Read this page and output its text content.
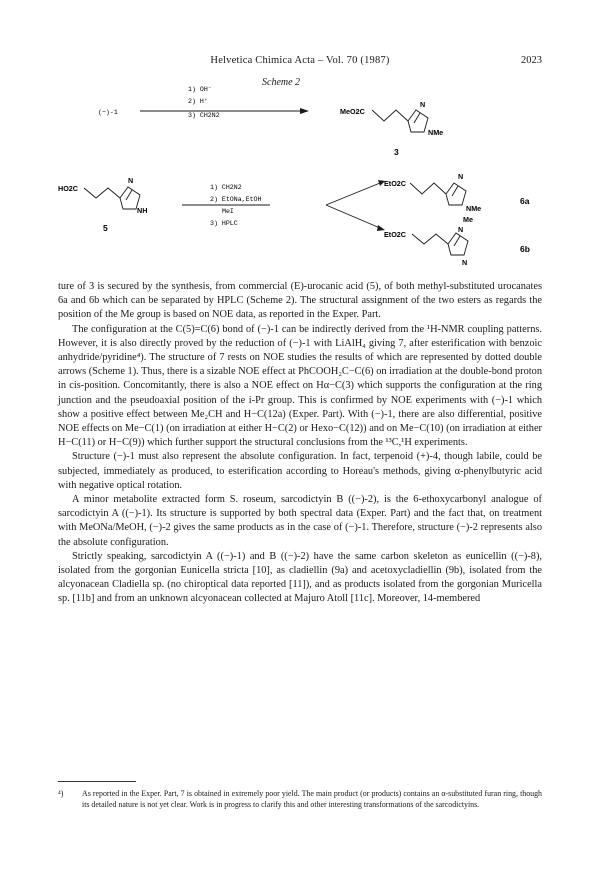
Helvetica Chimica Acta – Vol. 70 (1987)	2023
Scheme 2
(−)-1
1) OH⁻
2) H⁺
3) CH2N2	MeO2C
N
NMe
3
HO2C
N
NH
5
1) CH2N2
2) EtONa,EtOH
MeI
3) HPLC
EtO2C
N
NMe
6a
EtO2C
Me
N
N
6b

ture of 3 is secured by the synthesis, from commercial (E)-urocanic acid (5), of both methyl-substituted urocanates 6a and 6b which can be separated by HPLC (Scheme 2). The structural assignment of the two esters as regards the position of the Me group is based on NOE data, as reported in the Exper. Part.

The configuration at the C(5)=C(6) bond of (−)-1 can be indirectly derived from the ¹H-NMR coupling patterns. However, it is also directly proved by the reduction of (−)-1 with LiAlH₄ giving 7, after esterification with benzoic anhydride/pyridine⁴). The structure of 7 rests on NOE studies the results of which are represented by dotted double arrows (Scheme 1). Thus, there is a sizable NOE effect at PhCOOH₂C−C(6) on irradiation at the double-bond proton in cis-position. Concomitantly, there is also a NOE effect on Hα−C(3) which supports the configuration at the ring junction and the pseudoaxial position of the i-Pr group. This is confirmed by NOE experiments with (−)-1 which show a positive effect between Me₂CH and H−C(12a) (Exper. Part). With (−)-1, there are also differential, positive NOE effects on Me−C(1) (on irradiation at either H−C(2) or Hexo−C(12)) and on Me−C(10) (on irradiation at either H−C(11) or H−C(9)) which further support the structural conclusions from the ¹³C,¹H experiments.

Structure (−)-1 must also represent the absolute configuration. In fact, terpenoid (+)-4, though labile, could be subjected, immediately as produced, to esterification according to Horeau's methods, giving α-phenylbutyric acid with negative optical rotation.

A minor metabolite extracted form S. roseum, sarcodictyin B ((−)-2), is the 6-ethoxycarbonyl analogue of sarcodictyin A ((−)-1). Its structure is supported by both spectral data (Exper. Part) and the fact that, on treatment with MeONa/MeOH, (−)-2 gives the same products as in the case of (−)-1. Therefore, structure (−)-2 represents also the absolute configuration.

Strictly speaking, sarcodictyin A ((−)-1) and B ((−)-2) have the same carbon skeleton as eunicellin ((−)-8), isolated from the gorgonian Eunicella stricta [10], as cladiellin (9a) and acetoxycladiellin (9b), isolated from the alcyonacean Cladiella sp. (no chiroptical data reported [11]), and as products isolated from the gorgonian Muricella sp. [11b] and from an unknown alcyonacean collected at Majuro Atoll [11c]. Moreover, 14-membered

⁴)	As reported in the Exper. Part, 7 is obtained in extremely poor yield. The main product (or products) contains an α-substituted furan ring, though its detailed nature is not yet clear. Work is in progress to clarify this and other interesting transformations of the sarcodictyins.
